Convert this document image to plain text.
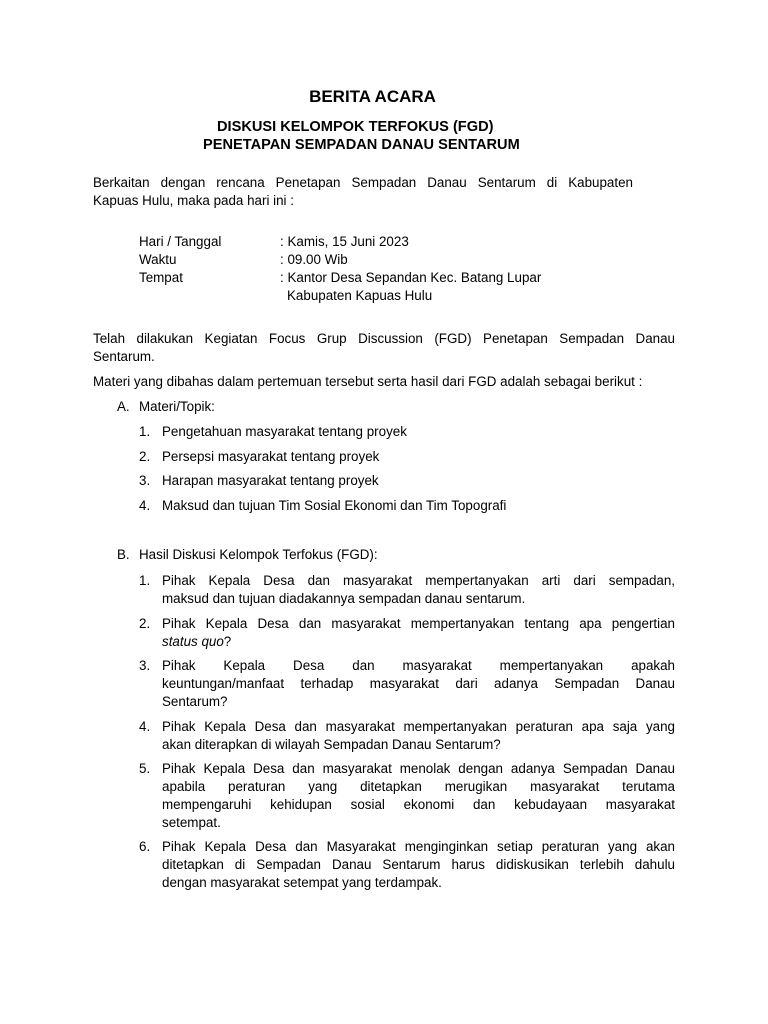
BERITA ACARA
DISKUSI KELOMPOK TERFOKUS (FGD)
PENETAPAN SEMPADAN DANAU SENTARUM
Berkaitan dengan rencana Penetapan Sempadan Danau Sentarum di Kabupaten
Kapuas Hulu, maka pada hari ini :
Hari / Tanggal	: Kamis, 15 Juni 2023
Waktu	: 09.00 Wib
Tempat	: Kantor Desa Sepandan Kec. Batang Lupar
Kabupaten Kapuas Hulu
Telah dilakukan Kegiatan Focus Grup Discussion (FGD) Penetapan Sempadan Danau
Sentarum.
Materi yang dibahas dalam pertemuan tersebut serta hasil dari FGD adalah sebagai berikut :
A. Materi/Topik:
1. Pengetahuan masyarakat tentang proyek
2. Persepsi masyarakat tentang proyek
3. Harapan masyarakat tentang proyek
4. Maksud dan tujuan Tim Sosial Ekonomi dan Tim Topografi
B. Hasil Diskusi Kelompok Terfokus (FGD):
1. Pihak Kepala Desa dan masyarakat mempertanyakan arti dari sempadan,
maksud dan tujuan diadakannya sempadan danau sentarum.
2. Pihak Kepala Desa dan masyarakat mempertanyakan tentang apa pengertian
status quo?
3. Pihak Kepala Desa dan masyarakat mempertanyakan apakah
keuntungan/manfaat terhadap masyarakat dari adanya Sempadan Danau
Sentarum?
4. Pihak Kepala Desa dan masyarakat mempertanyakan peraturan apa saja yang
akan diterapkan di wilayah Sempadan Danau Sentarum?
5. Pihak Kepala Desa dan masyarakat menolak dengan adanya Sempadan Danau
apabila peraturan yang ditetapkan merugikan masyarakat terutama
mempengaruhi kehidupan sosial ekonomi dan kebudayaan masyarakat
setempat.
6. Pihak Kepala Desa dan Masyarakat menginginkan setiap peraturan yang akan
ditetapkan di Sempadan Danau Sentarum harus didiskusikan terlebih dahulu
dengan masyarakat setempat yang terdampak.
